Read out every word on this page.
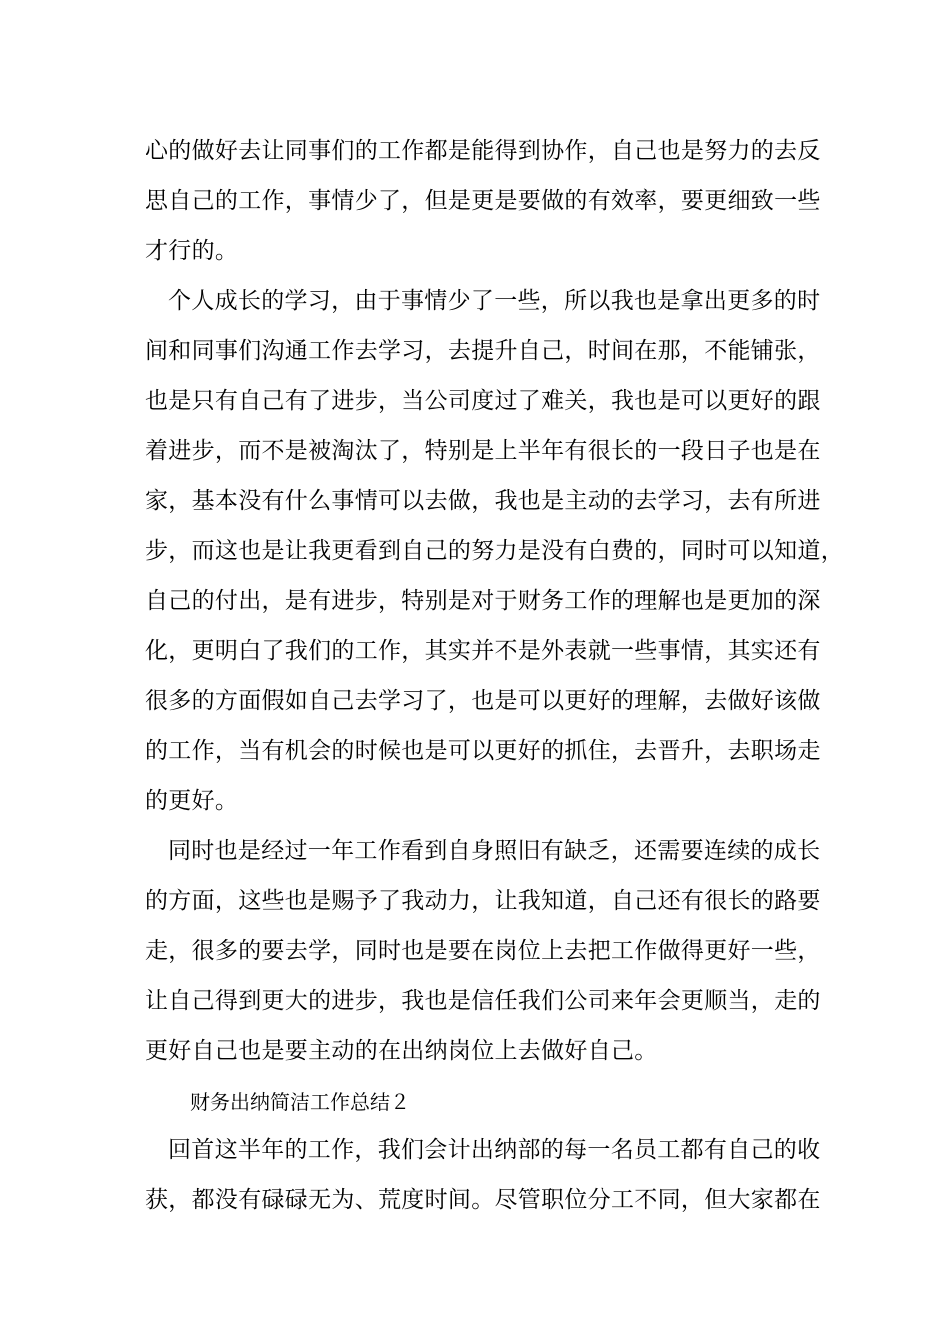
心的做好去让同事们的工作都是能得到协作，自己也是努力的去反
思自己的工作，事情少了，但是更是要做的有效率，要更细致一些
才行的。
个人成长的学习，由于事情少了一些，所以我也是拿出更多的时
间和同事们沟通工作去学习，去提升自己，时间在那，不能铺张，
也是只有自己有了进步，当公司度过了难关，我也是可以更好的跟
着进步，而不是被淘汰了，特别是上半年有很长的一段日子也是在
家，基本没有什么事情可以去做，我也是主动的去学习，去有所进
步，而这也是让我更看到自己的努力是没有白费的，同时可以知道，
自己的付出，是有进步，特别是对于财务工作的理解也是更加的深
化，更明白了我们的工作，其实并不是外表就一些事情，其实还有
很多的方面假如自己去学习了，也是可以更好的理解，去做好该做
的工作，当有机会的时候也是可以更好的抓住，去晋升，去职场走
的更好。
同时也是经过一年工作看到自身照旧有缺乏，还需要连续的成长
的方面，这些也是赐予了我动力，让我知道，自己还有很长的路要
走，很多的要去学，同时也是要在岗位上去把工作做得更好一些，
让自己得到更大的进步，我也是信任我们公司来年会更顺当，走的
更好自己也是要主动的在出纳岗位上去做好自己。
财务出纳简洁工作总结２
回首这半年的工作，我们会计出纳部的每一名员工都有自己的收
获，都没有碌碌无为、荒度时间。尽管职位分工不同，但大家都在
